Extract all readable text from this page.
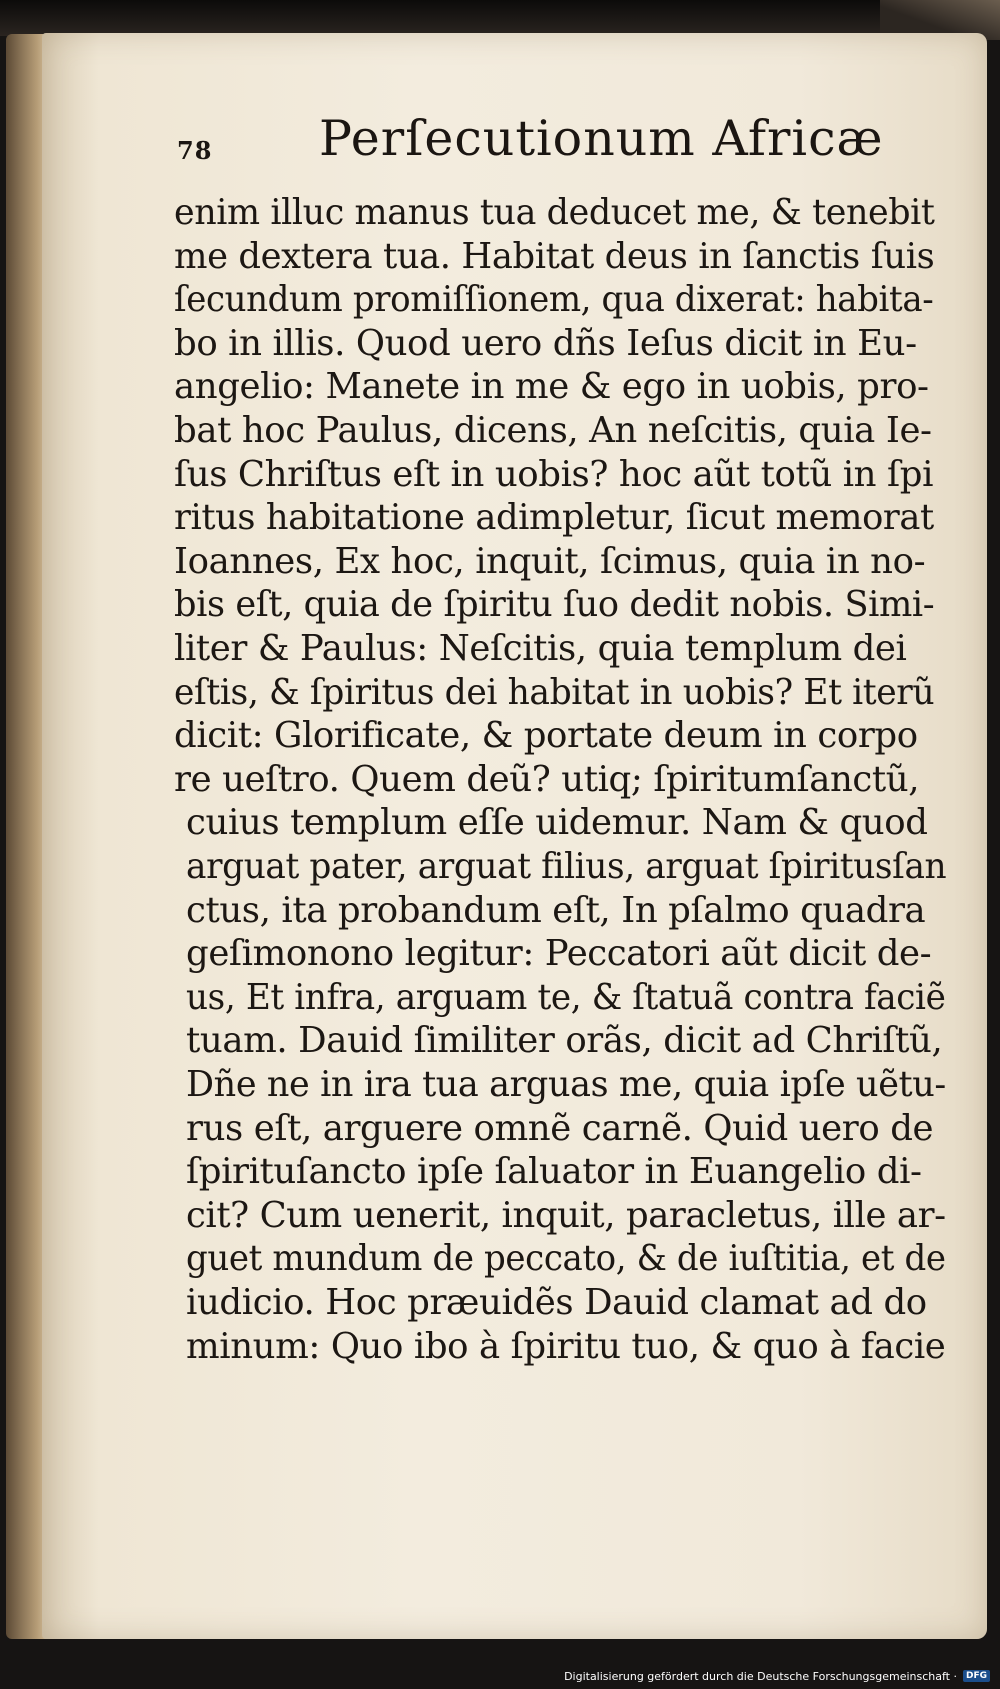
78 Perſecutionum Africæ
enim illuc manus tua deducet me, & tenebit
me dextera tua. Habitat deus in ſanctis ſuis
ſecundum promiſſionem, qua dixerat: habita-
bo in illis. Quod uero dñs Ieſus dicit in Eu-
angelio: Manete in me & ego in uobis, pro-
bat hoc Paulus, dicens, An neſcitis, quia Ie-
ſus Chriſtus eſt in uobis? hoc aũt totũ in ſpi
ritus habitatione adimpletur, ſicut memorat
Ioannes, Ex hoc, inquit, ſcimus, quia in no-
bis eſt, quia de ſpiritu ſuo dedit nobis. Simi-
liter & Paulus: Neſcitis, quia templum dei
eſtis, & ſpiritus dei habitat in uobis? Et iterũ
dicit: Glorificate, & portate deum in corpo
re ueſtro. Quem deũ? utiq; ſpiritumſanctũ,
cuius templum eſſe uidemur. Nam & quod
arguat pater, arguat filius, arguat ſpiritusſan
ctus, ita probandum eſt, In pſalmo quadra
geſimonono legitur: Peccatori aũt dicit de-
us, Et infra, arguam te, & ſtatuã contra faciẽ
tuam. Dauid ſimiliter orãs, dicit ad Chriſtũ,
Dñe ne in ira tua arguas me, quia ipſe uẽtu-
rus eſt, arguere omnẽ carnẽ. Quid uero de
ſpirituſancto ipſe ſaluator in Euangelio di-
cit? Cum uenerit, inquit, paracletus, ille ar-
guet mundum de peccato, & de iuſtitia, et de
iudicio. Hoc præuidẽs Dauid clamat ad do
minum: Quo ibo à ſpiritu tuo, & quo à facie
Digitalisierung gefördert durch die Deutsche Forschungsgemeinschaft ·	DFG
